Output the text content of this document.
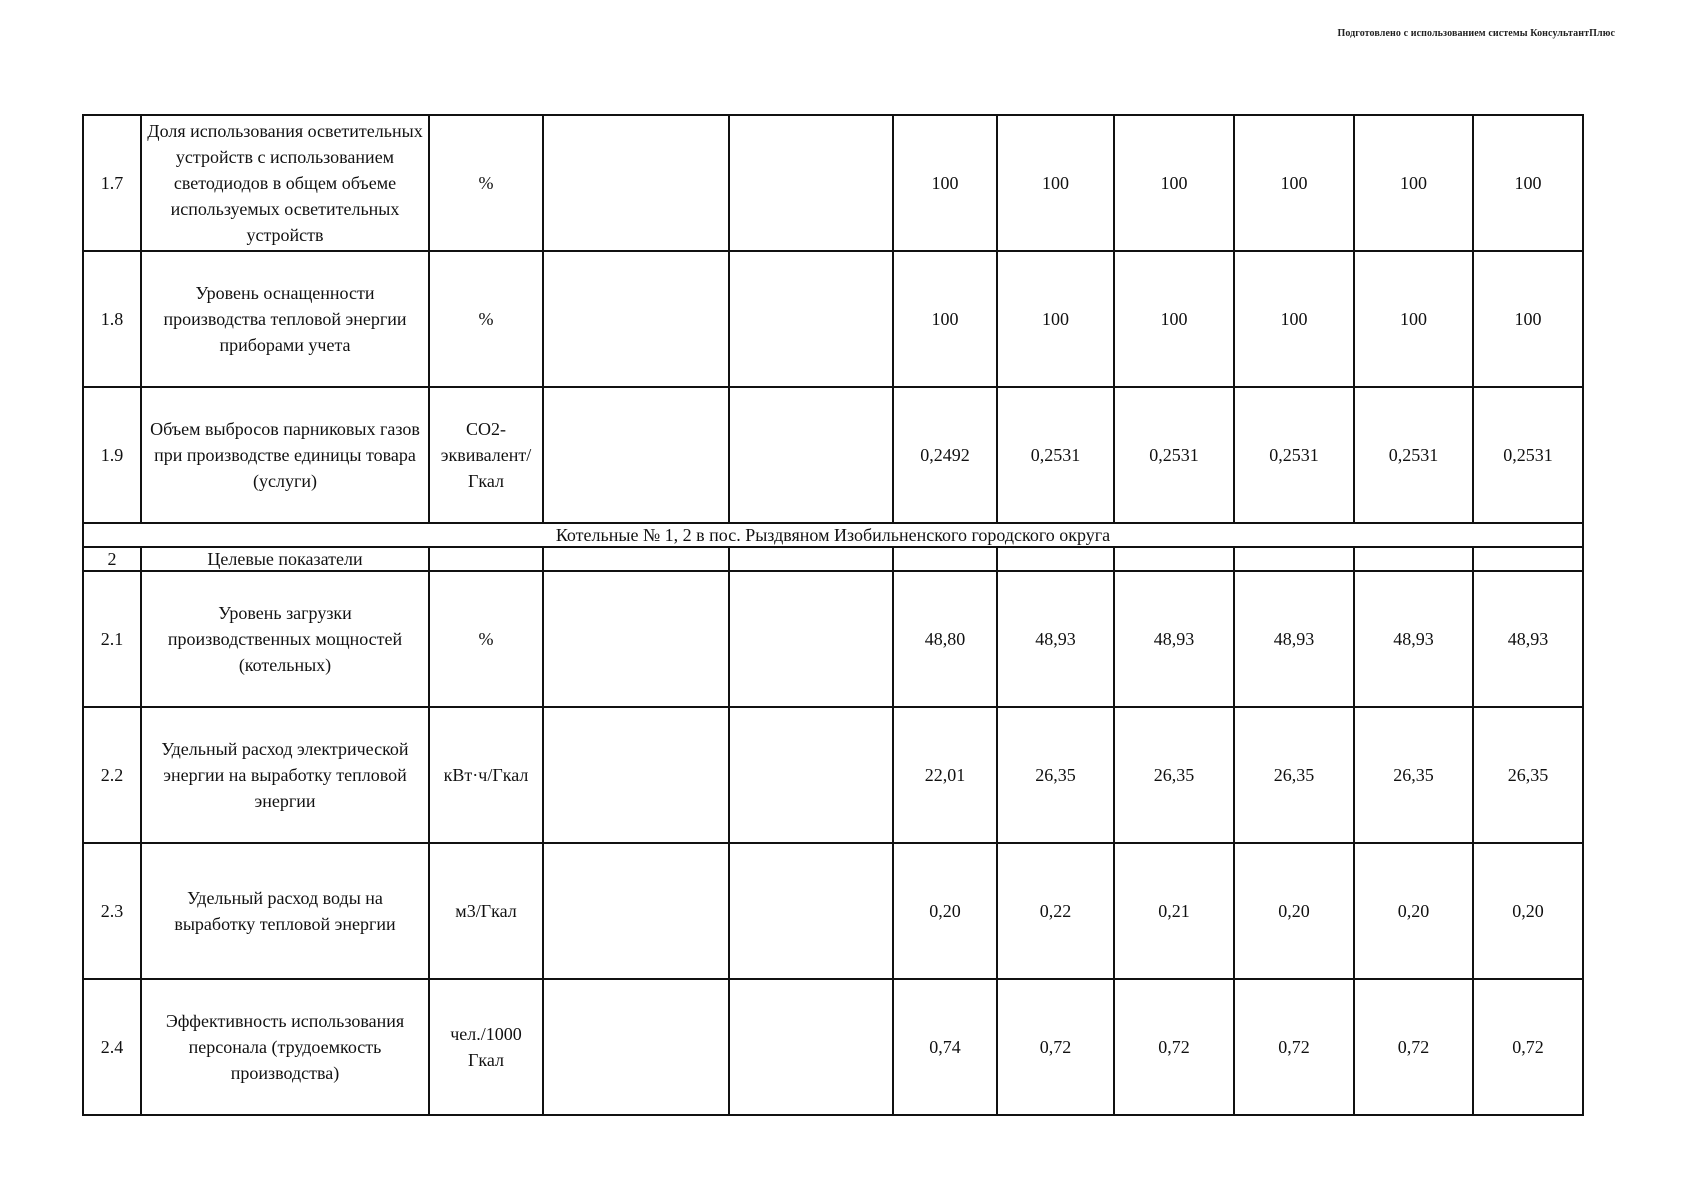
Подготовлено с использованием системы КонсультантПлюс
1.7	Доля использования осветительных устройств с использованием светодиодов в общем объеме используемых осветительных устройств	%			100	100	100	100	100	100
1.8	Уровень оснащенности производства тепловой энергии приборами учета	%			100	100	100	100	100	100
1.9	Объем выбросов парниковых газов при производстве единицы товара (услуги)	CO2-эквивалент/Гкал			0,2492	0,2531	0,2531	0,2531	0,2531	0,2531
Котельные № 1, 2 в пос. Рыздвяном Изобильненского городского округа										
2	Целевые показатели									
2.1	Уровень загрузки производственных мощностей (котельных)	%			48,80	48,93	48,93	48,93	48,93	48,93
2.2	Удельный расход электрической энергии на выработку тепловой энергии	кВт·ч/Гкал			22,01	26,35	26,35	26,35	26,35	26,35
2.3	Удельный расход воды на выработку тепловой энергии	м3/Гкал			0,20	0,22	0,21	0,20	0,20	0,20
2.4	Эффективность использования персонала (трудоемкость производства)	чел./1000 Гкал			0,74	0,72	0,72	0,72	0,72	0,72
